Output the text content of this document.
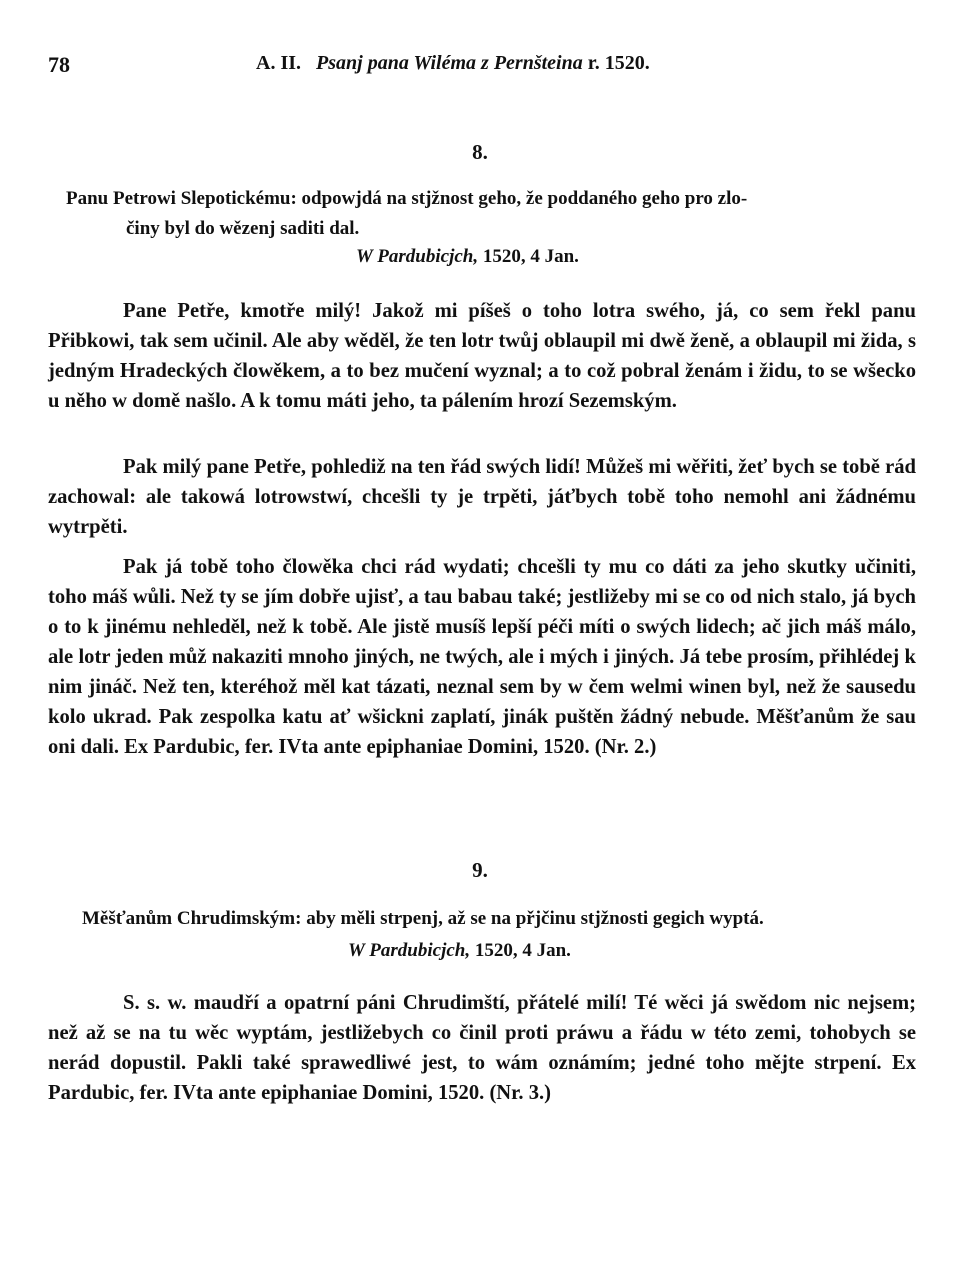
78	A. II. Psanj pana Wiléma z Pernšteina r. 1520.
8.
Panu Petrowi Slepotickému: odpowjdá na stjžnost geho, že poddaného geho pro zlo-
činy byl do wězenj saditi dal.
W Pardubicjch, 1520, 4 Jan.

Pane Petře, kmotře milý! Jakož mi píšeš o toho lotra swého, já, co sem řekl panu Přibkowi, tak sem učinil. Ale aby wěděl, že ten lotr twůj oblaupil mi dwě ženě, a oblaupil mi žida, s jedným Hradeckých člowěkem, a to bez mučení wyznal; a to což pobral ženám i židu, to se wšecko u něho w domě našlo. A k tomu máti jeho, ta pálením hrozí Sezemským.

Pak milý pane Petře, pohlediž na ten řád swých lidí! Můžeš mi wěřiti, žeť bych se tobě rád zachowal: ale takowá lotrowstwí, chcešli ty je trpěti, jáťbych tobě toho nemohl ani žádnému wytrpěti.

Pak já tobě toho člowěka chci rád wydati; chcešli ty mu co dáti za jeho skutky učiniti, toho máš wůli. Než ty se jím dobře ujisť, a tau babau také; jestližeby mi se co od nich stalo, já bych o to k jinému nehleděl, než k tobě. Ale jistě musíš lepší péči míti o swých lidech; ač jich máš málo, ale lotr jeden můž nakaziti mnoho jiných, ne twých, ale i mých i jiných. Já tebe prosím, přihlédej k nim jináč. Než ten, kteréhož měl kat tázati, neznal sem by w čem welmi winen byl, než že sausedu kolo ukrad. Pak zespolka katu ať wšickni zaplatí, jinák puštěn žádný nebude. Měšťanům že sau oni dali. Ex Pardubic, fer. IVta ante epiphaniae Domini, 1520. (Nr. 2.)

9.
Měšťanům Chrudimským: aby měli strpenj, až se na přjčinu stjžnosti gegich wyptá.
W Pardubicjch, 1520, 4 Jan.

S. s. w. maudří a opatrní páni Chrudimští, přátelé milí! Té wěci já swědom nic nejsem; než až se na tu wěc wyptám, jestližebych co činil proti práwu a řádu w této zemi, tohobych se nerád dopustil. Pakli také sprawedliwé jest, to wám oznámím; jedné toho mějte strpení. Ex Pardubic, fer. IVta ante epiphaniae Domini, 1520. (Nr. 3.)
